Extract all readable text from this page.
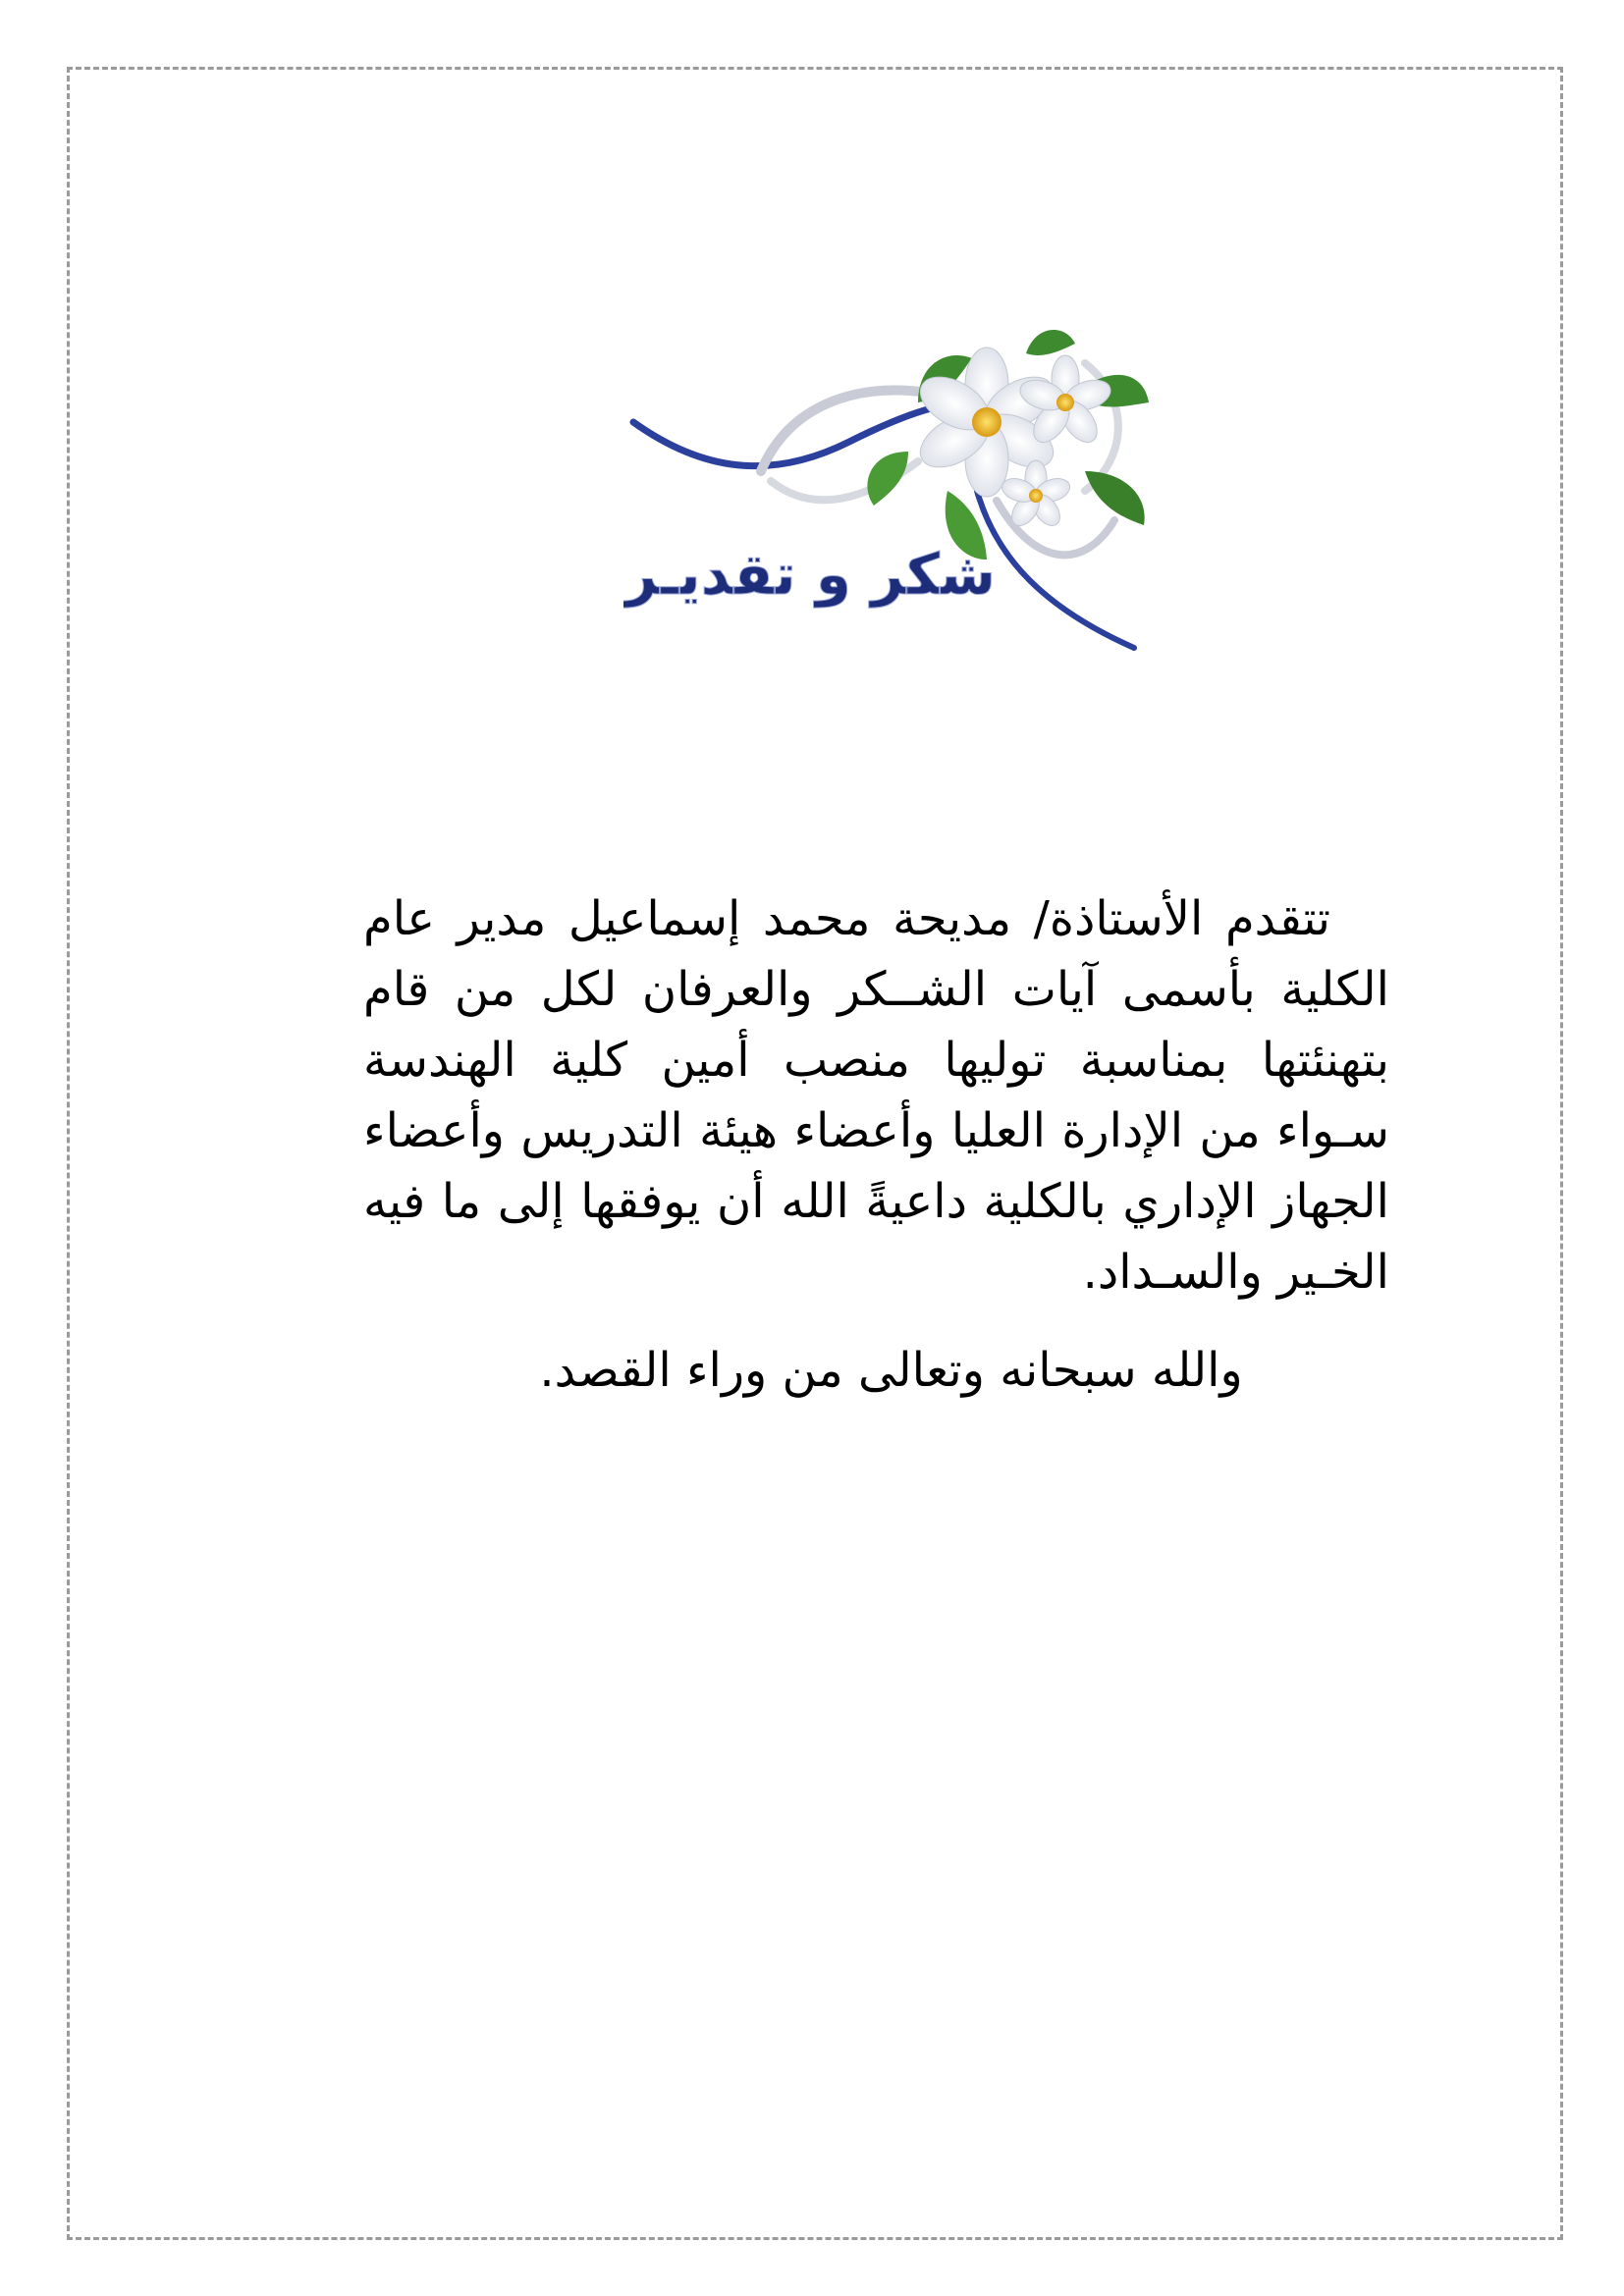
شكر و تقديـر

تتقدم الأستاذة/ مديحة محمد إسماعيل مدير عام الكلية بأسمى آيات الشــكر والعرفان لكل من قام بتهنئتها بمناسبة توليها منصب أمين كلية الهندسة سـواء من الإدارة العليا وأعضاء هيئة التدريس وأعضاء الجهاز الإداري بالكلية داعيةً الله أن يوفقها إلى ما فيه الخـير والسـداد.

والله سبحانه وتعالى من وراء القصد.
